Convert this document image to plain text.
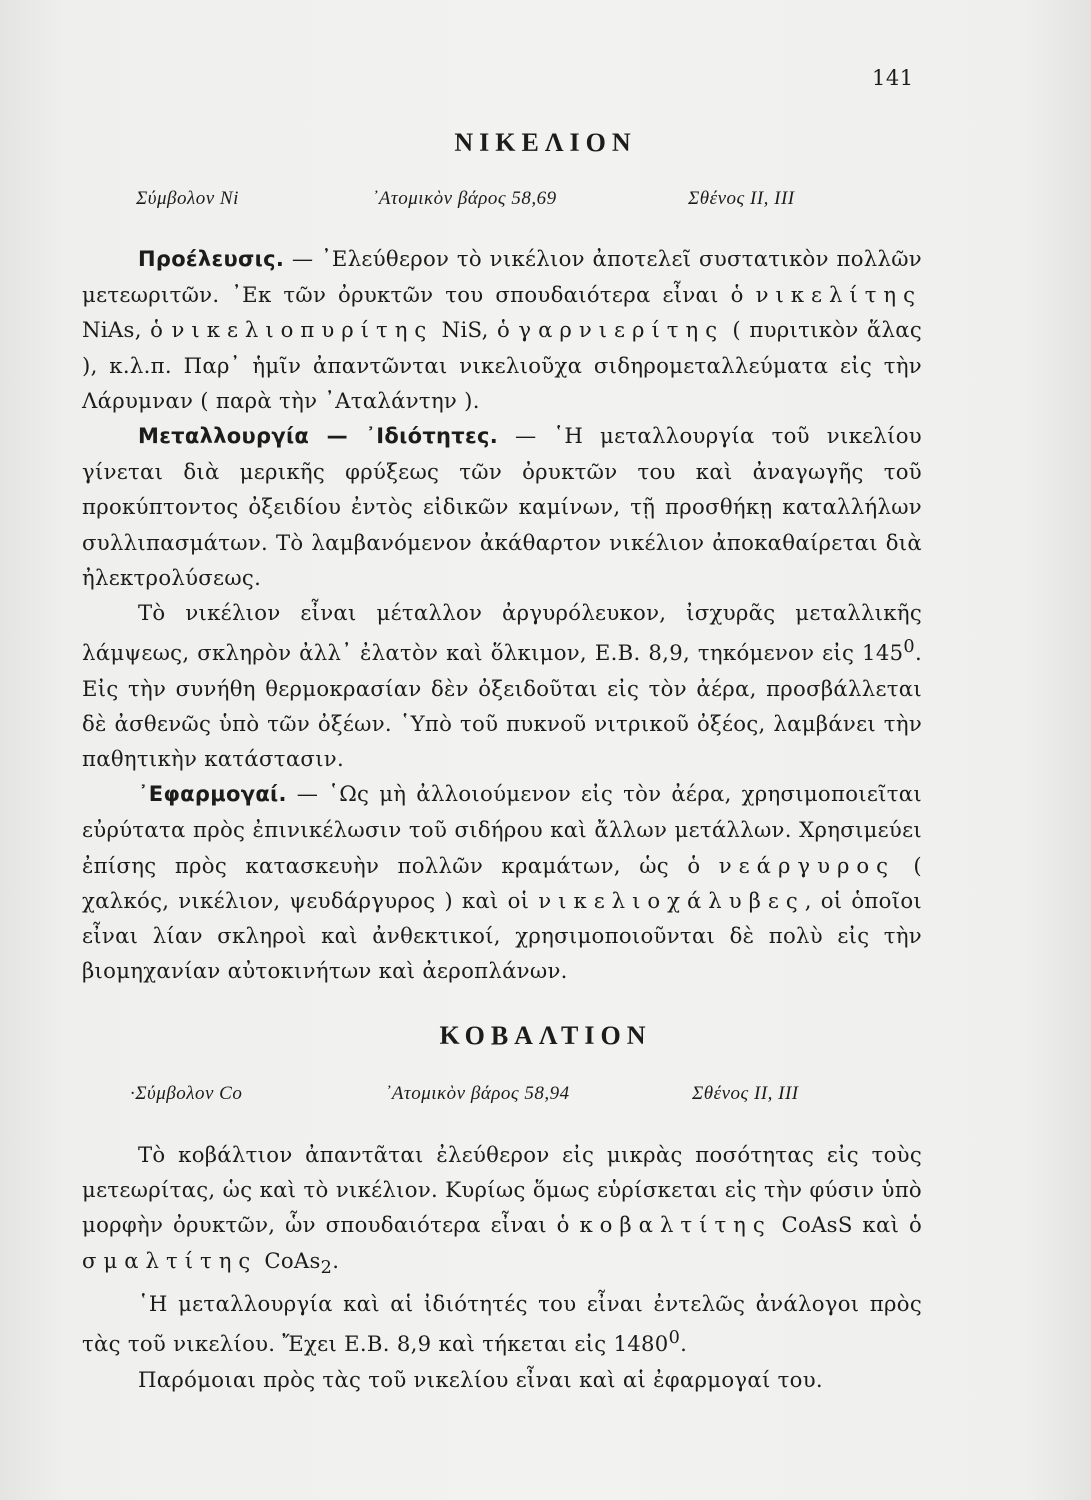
141
ΝΙΚΕΛΙΟΝ
Σύμβολον Ni	᾿Ατομικὸν βάρος 58,69	Σθένος II, III

Προέλευσις. — ᾿Ελεύθερον τὸ νικέλιον ἀποτελεῖ συστατικὸν πολλῶν μετεωριτῶν. ᾿Εκ τῶν ὀρυκτῶν του σπουδαιότερα εἶναι ὁ νικελίτης NiAs, ὁ νικελιοπυρίτης NiS, ὁ γαρνιερίτης ( πυριτικὸν ἅλας ), κ.λ.π. Παρ᾿ ἡμῖν ἀπαντῶνται νικελιοῦχα σιδηρομεταλλεύματα εἰς τὴν Λάρυμναν ( παρὰ τὴν ᾿Αταλάντην ).

Μεταλλουργία — ᾿Ιδιότητες. — ῾Η μεταλλουργία τοῦ νικελίου γίνεται διὰ μερικῆς φρύξεως τῶν ὀρυκτῶν του καὶ ἀναγωγῆς τοῦ προκύπτοντος ὀξειδίου ἐντὸς εἰδικῶν καμίνων, τῇ προσθήκῃ καταλλήλων συλλιπασμάτων. Τὸ λαμβανόμενον ἀκάθαρτον νικέλιον ἀποκαθαίρεται διὰ ἠλεκτρολύσεως.

Τὸ νικέλιον εἶναι μέταλλον ἀργυρόλευκον, ἰσχυρᾶς μεταλλικῆς λάμψεως, σκληρὸν ἀλλ᾿ ἐλατὸν καὶ ὅλκιμον, Ε.Β. 8,9, τηκόμενον εἰς $145^0$. Εἰς τὴν συνήθη θερμοκρασίαν δὲν ὀξειδοῦται εἰς τὸν ἀέρα, προσβάλλεται δὲ ἀσθενῶς ὑπὸ τῶν ὀξέων. ῾Υπὸ τοῦ πυκνοῦ νιτρικοῦ ὀξέος, λαμβάνει τὴν παθητικὴν κατάστασιν.

᾿Εφαρμογαί. — ῾Ως μὴ ἀλλοιούμενον εἰς τὸν ἀέρα, χρησιμοποιεῖται εὐρύτατα πρὸς ἐπινικέλωσιν τοῦ σιδήρου καὶ ἄλλων μετάλλων. Χρησιμεύει ἐπίσης πρὸς κατασκευὴν πολλῶν κραμάτων, ὡς ὁ νεάργυρος ( χαλκός, νικέλιον, ψευδάργυρος ) καὶ οἱ νικελιοχάλυβες, οἱ ὁποῖοι εἶναι λίαν σκληροὶ καὶ ἀνθεκτικοί, χρησιμοποιοῦνται δὲ πολὺ εἰς τὴν βιομηχανίαν αὐτοκινήτων καὶ ἀεροπλάνων.

ΚΟΒΑΛΤΙΟΝ
·Σύμβολον Co	᾿Ατομικὸν βάρος 58,94	Σθένος II, III

Τὸ κοβάλτιον ἀπαντᾶται ἐλεύθερον εἰς μικρὰς ποσότητας εἰς τοὺς μετεωρίτας, ὡς καὶ τὸ νικέλιον. Κυρίως ὅμως εὑρίσκεται εἰς τὴν φύσιν ὑπὸ μορφὴν ὀρυκτῶν, ὧν σπουδαιότερα εἶναι ὁ κοβαλτίτης CoAsS καὶ ὁ σμαλτίτης CoAs$_2$.

῾Η μεταλλουργία καὶ αἱ ἰδιότητές του εἶναι ἐντελῶς ἀνάλογοι πρὸς τὰς τοῦ νικελίου. Ἔχει Ε.Β. 8,9 καὶ τήκεται εἰς 1480$^0$.

Παρόμοιαι πρὸς τὰς τοῦ νικελίου εἶναι καὶ αἱ ἐφαρμογαί του.
